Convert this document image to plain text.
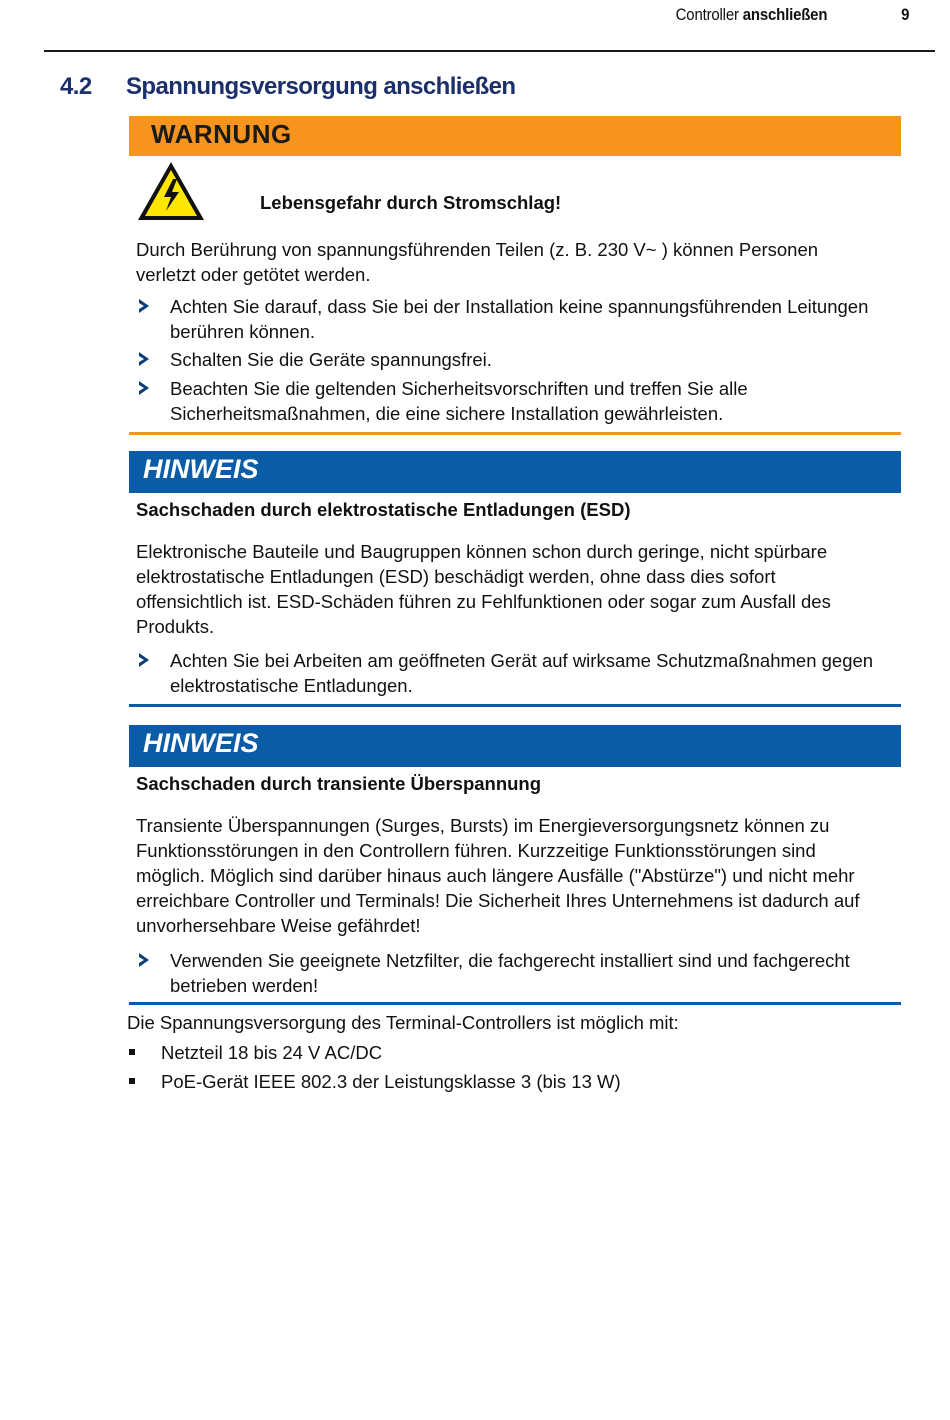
Controller anschließen	9
4.2 Spannungsversorgung anschließen
WARNUNG
Lebensgefahr durch Stromschlag!
Durch Berührung von spannungsführenden Teilen (z. B. 230 V~ ) können Personen
verletzt oder getötet werden.
Achten Sie darauf, dass Sie bei der Installation keine spannungsführenden Leitungen
berühren können.
Schalten Sie die Geräte spannungsfrei.
Beachten Sie die geltenden Sicherheitsvorschriften und treffen Sie alle
Sicherheitsmaßnahmen, die eine sichere Installation gewährleisten.
HINWEIS
Sachschaden durch elektrostatische Entladungen (ESD)
Elektronische Bauteile und Baugruppen können schon durch geringe, nicht spürbare
elektrostatische Entladungen (ESD) beschädigt werden, ohne dass dies sofort
offensichtlich ist. ESD-Schäden führen zu Fehlfunktionen oder sogar zum Ausfall des
Produkts.
Achten Sie bei Arbeiten am geöffneten Gerät auf wirksame Schutzmaßnahmen gegen
elektrostatische Entladungen.
HINWEIS
Sachschaden durch transiente Überspannung
Transiente Überspannungen (Surges, Bursts) im Energieversorgungsnetz können zu
Funktionsstörungen in den Controllern führen. Kurzzeitige Funktionsstörungen sind
möglich. Möglich sind darüber hinaus auch längere Ausfälle ("Abstürze") und nicht mehr
erreichbare Controller und Terminals! Die Sicherheit Ihres Unternehmens ist dadurch auf
unvorhersehbare Weise gefährdet!
Verwenden Sie geeignete Netzfilter, die fachgerecht installiert sind und fachgerecht
betrieben werden!
Die Spannungsversorgung des Terminal-Controllers ist möglich mit:
Netzteil 18 bis 24 V AC/DC
PoE-Gerät IEEE 802.3 der Leistungsklasse 3 (bis 13 W)
